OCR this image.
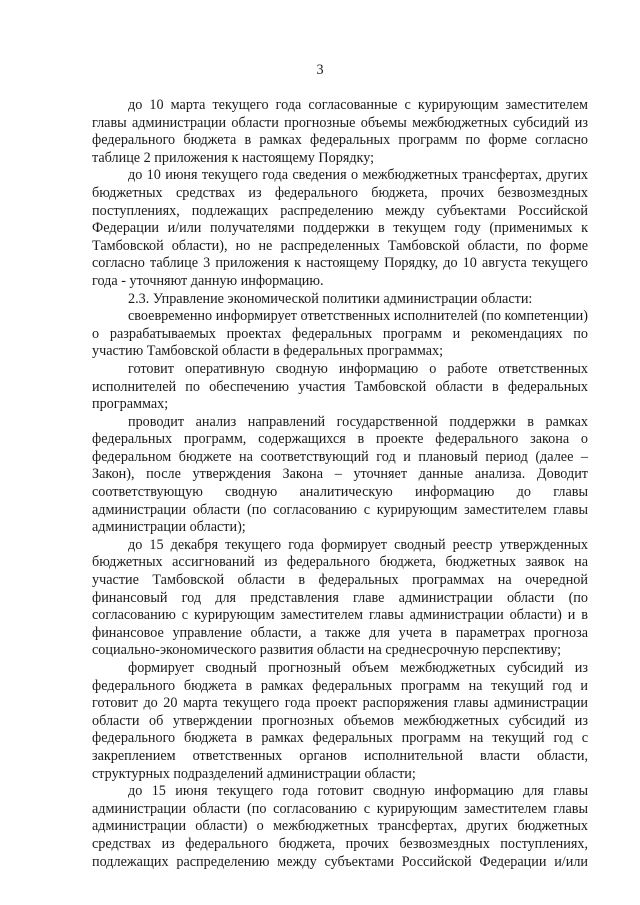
3

до 10 марта текущего года согласованные с курирующим заместителем главы администрации области прогнозные объемы межбюджетных субсидий из федерального бюджета в рамках федеральных программ по форме согласно таблице 2 приложения к настоящему Порядку;

до 10 июня текущего года сведения о межбюджетных трансфертах, других бюджетных средствах из федерального бюджета, прочих безвозмездных поступлениях, подлежащих распределению между субъектами Российской Федерации и/или получателями поддержки в текущем году (применимых к Тамбовской области), но не распределенных Тамбовской области, по форме согласно таблице 3 приложения к настоящему Порядку, до 10 августа текущего года - уточняют данную информацию.

2.3. Управление экономической политики администрации области:

своевременно информирует ответственных исполнителей (по компетенции) о разрабатываемых проектах федеральных программ и рекомендациях по участию Тамбовской области в федеральных программах;

готовит оперативную сводную информацию о работе ответственных исполнителей по обеспечению участия Тамбовской области в федеральных программах;

проводит анализ направлений государственной поддержки в рамках федеральных программ, содержащихся в проекте федерального закона о федеральном бюджете на соответствующий год и плановый период (далее – Закон), после утверждения Закона – уточняет данные анализа. Доводит соответствующую сводную аналитическую информацию до главы администрации области (по согласованию с курирующим заместителем главы администрации области);

до 15 декабря текущего года формирует сводный реестр утвержденных бюджетных ассигнований из федерального бюджета, бюджетных заявок на участие Тамбовской области в федеральных программах на очередной финансовый год для представления главе администрации области (по согласованию с курирующим заместителем главы администрации области) и в финансовое управление области, а также для учета в параметрах прогноза социально-экономического развития области на среднесрочную перспективу;

формирует сводный прогнозный объем межбюджетных субсидий из федерального бюджета в рамках федеральных программ на текущий год и готовит до 20 марта текущего года проект распоряжения главы администрации области об утверждении прогнозных объемов межбюджетных субсидий из федерального бюджета в рамках федеральных программ на текущий год с закреплением ответственных органов исполнительной власти области, структурных подразделений администрации области;

до 15 июня текущего года готовит сводную информацию для главы администрации области (по согласованию с курирующим заместителем главы администрации области) о межбюджетных трансфертах, других бюджетных средствах из федерального бюджета, прочих безвозмездных поступлениях, подлежащих распределению между субъектами Российской Федерации и/или
